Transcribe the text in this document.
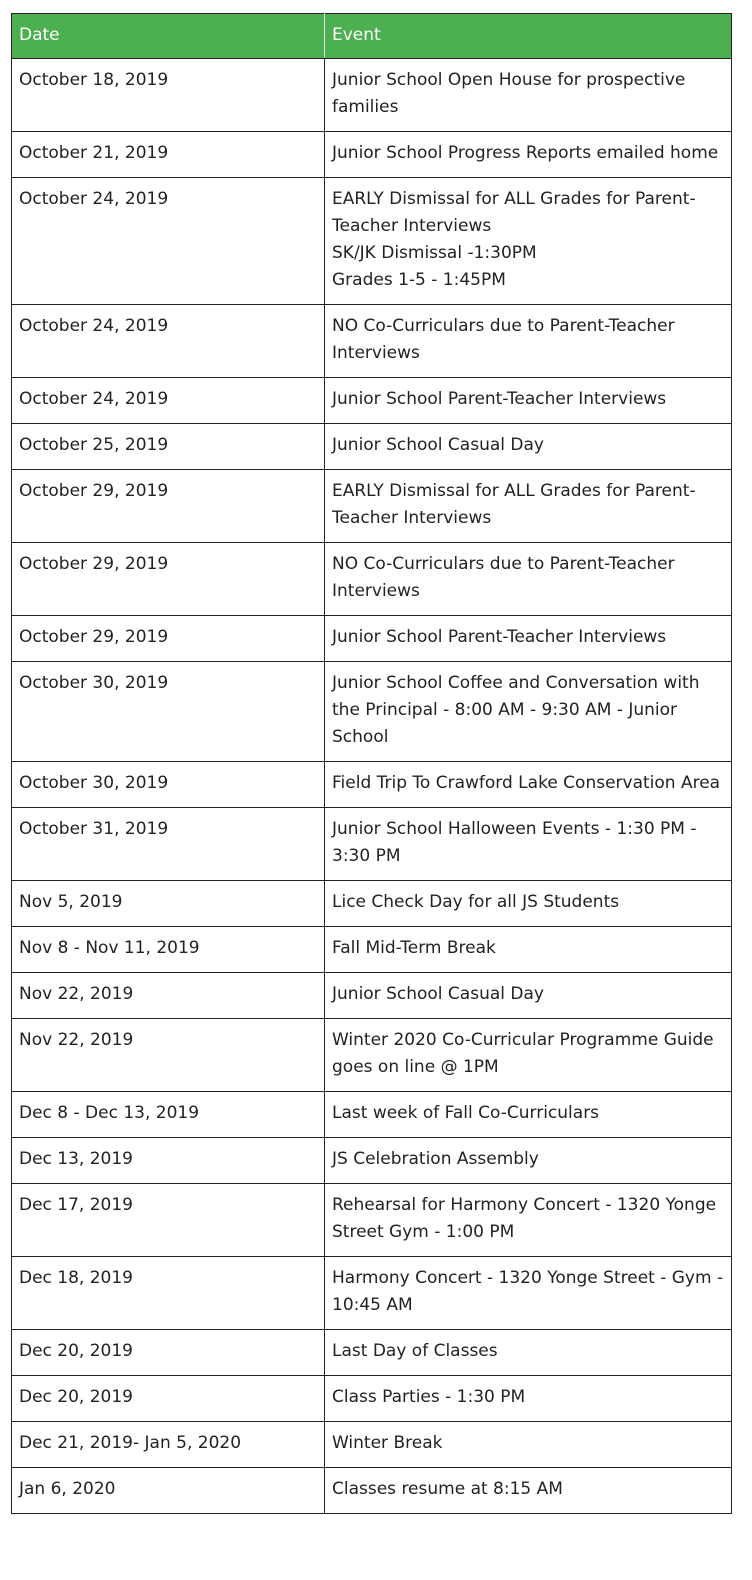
Date	Event
October 18, 2019	Junior School Open House for prospective families

October 21, 2019	Junior School Progress Reports emailed home

October 24, 2019	EARLY Dismissal for ALL Grades for Parent-Teacher Interviews
SK/JK Dismissal -1:30PM
Grades 1-5 - 1:45PM

October 24, 2019	NO Co-Curriculars due to Parent-Teacher Interviews

October 24, 2019	Junior School Parent-Teacher Interviews

October 25, 2019	Junior School Casual Day

October 29, 2019	EARLY Dismissal for ALL Grades for Parent-Teacher Interviews

October 29, 2019	NO Co-Curriculars due to Parent-Teacher Interviews

October 29, 2019	Junior School Parent-Teacher Interviews

October 30, 2019	Junior School Coffee and Conversation with the Principal - 8:00 AM - 9:30 AM - Junior School

October 30, 2019	Field Trip To Crawford Lake Conservation Area

October 31, 2019	Junior School Halloween Events - 1:30 PM - 3:30 PM

Nov 5, 2019	Lice Check Day for all JS Students

Nov 8 - Nov 11, 2019	Fall Mid-Term Break

Nov 22, 2019	Junior School Casual Day

Nov 22, 2019	Winter 2020 Co-Curricular Programme Guide goes on line @ 1PM

Dec 8 - Dec 13, 2019	Last week of Fall Co-Curriculars

Dec 13, 2019	JS Celebration Assembly

Dec 17, 2019	Rehearsal for Harmony Concert - 1320 Yonge Street Gym - 1:00 PM

Dec 18, 2019	Harmony Concert - 1320 Yonge Street - Gym - 10:45 AM

Dec 20, 2019	Last Day of Classes

Dec 20, 2019	Class Parties - 1:30 PM

Dec 21, 2019- Jan 5, 2020	Winter Break

Jan 6, 2020	Classes resume at 8:15 AM
